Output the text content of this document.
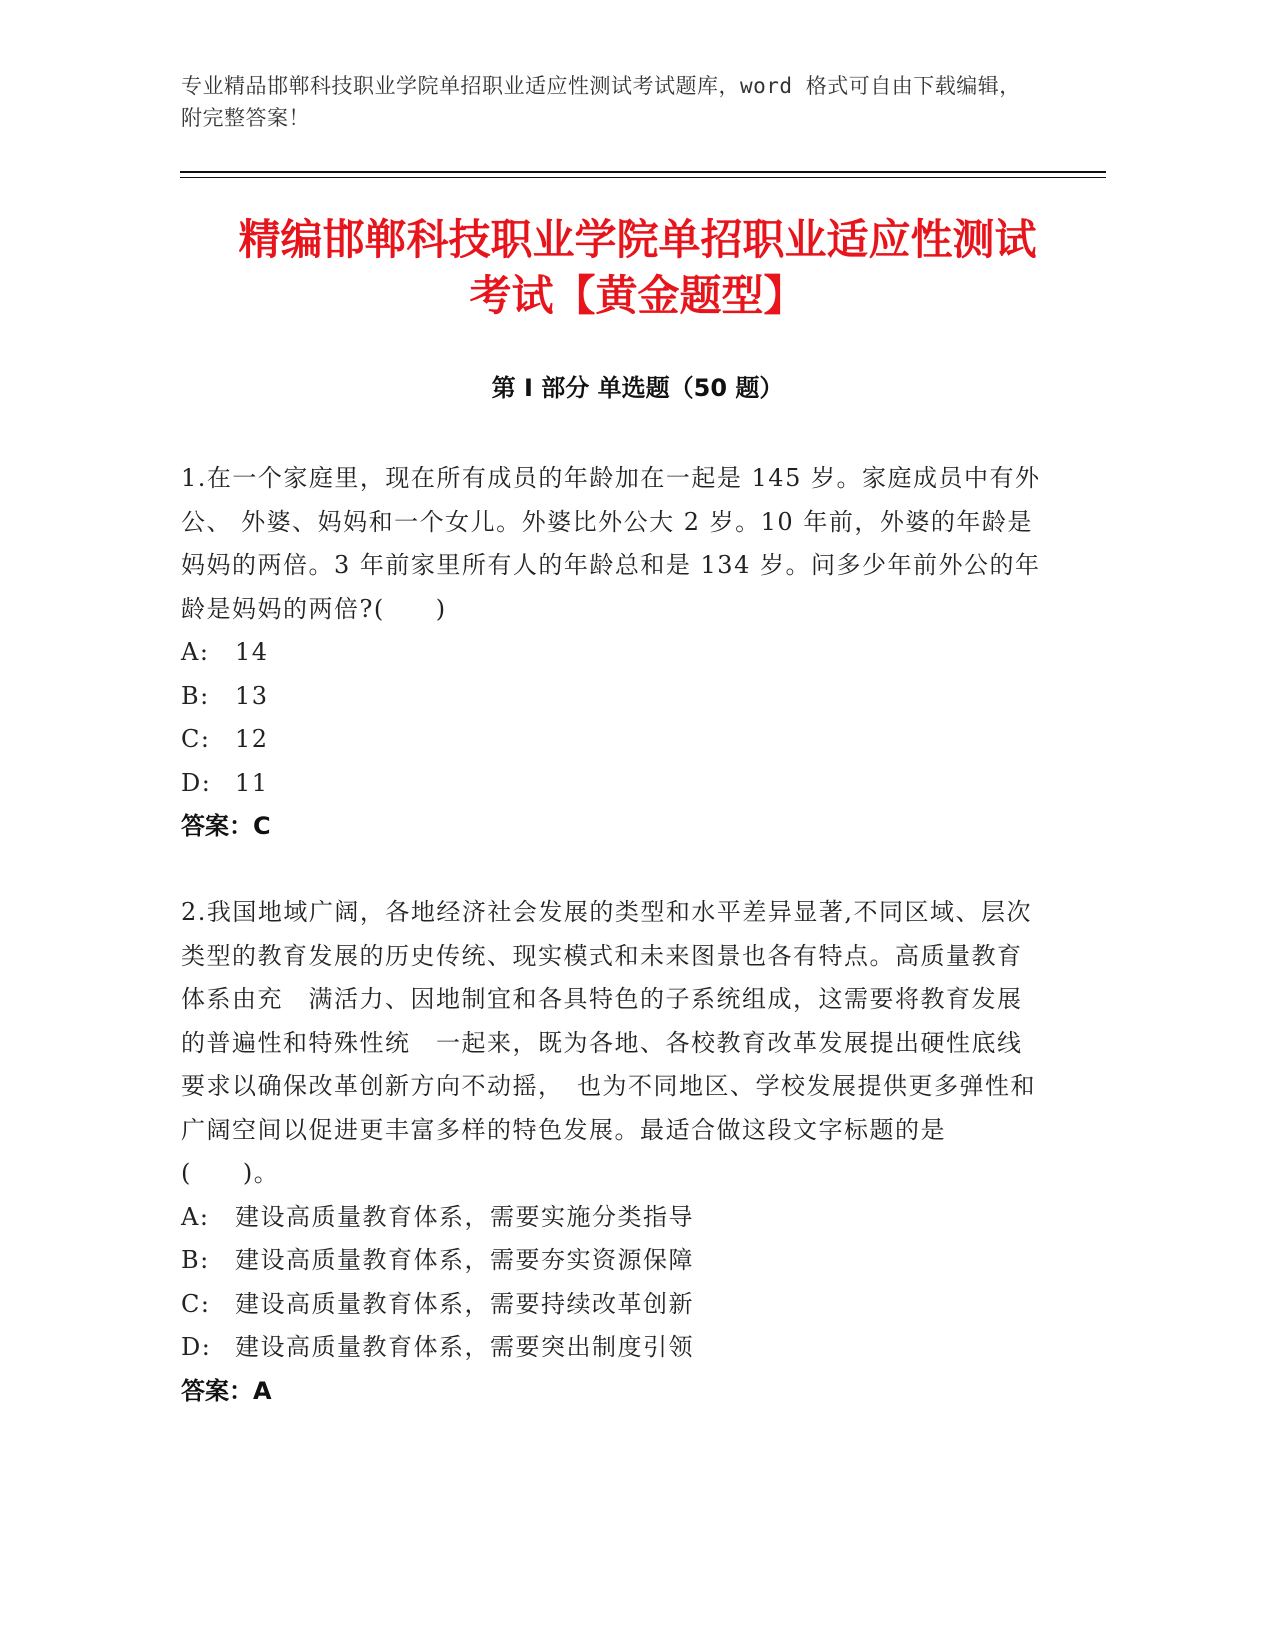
专业精品邯郸科技职业学院单招职业适应性测试考试题库，word 格式可自由下载编辑，附完整答案！
精编邯郸科技职业学院单招职业适应性测试
考试【黄金题型】
第 I 部分 单选题（50 题）

1.在一个家庭里，现在所有成员的年龄加在一起是 145 岁。家庭成员中有外公、 外婆、妈妈和一个女儿。外婆比外公大 2 岁。10 年前，外婆的年龄是妈妈的两倍。3 年前家里所有人的年龄总和是 134 岁。问多少年前外公的年龄是妈妈的两倍?(　　)

A:	14
B:	13
C:	12
D: 11
答案：C

2.我国地域广阔，各地经济社会发展的类型和水平差异显著,不同区域、层次　类型的教育发展的历史传统、现实模式和未来图景也各有特点。高质量教育体系由充　满活力、因地制宜和各具特色的子系统组成，这需要将教育发展的普遍性和特殊性统　一起来，既为各地、各校教育改革发展提出硬性底线要求以确保改革创新方向不动摇，　也为不同地区、学校发展提供更多弹性和广阔空间以促进更丰富多样的特色发展。最适合做这段文字标题的是(　　)。

A:	建设高质量教育体系，需要实施分类指导
B:	建设高质量教育体系，需要夯实资源保障
C:	建设高质量教育体系，需要持续改革创新
D: 建设高质量教育体系，需要突出制度引领
答案：A
